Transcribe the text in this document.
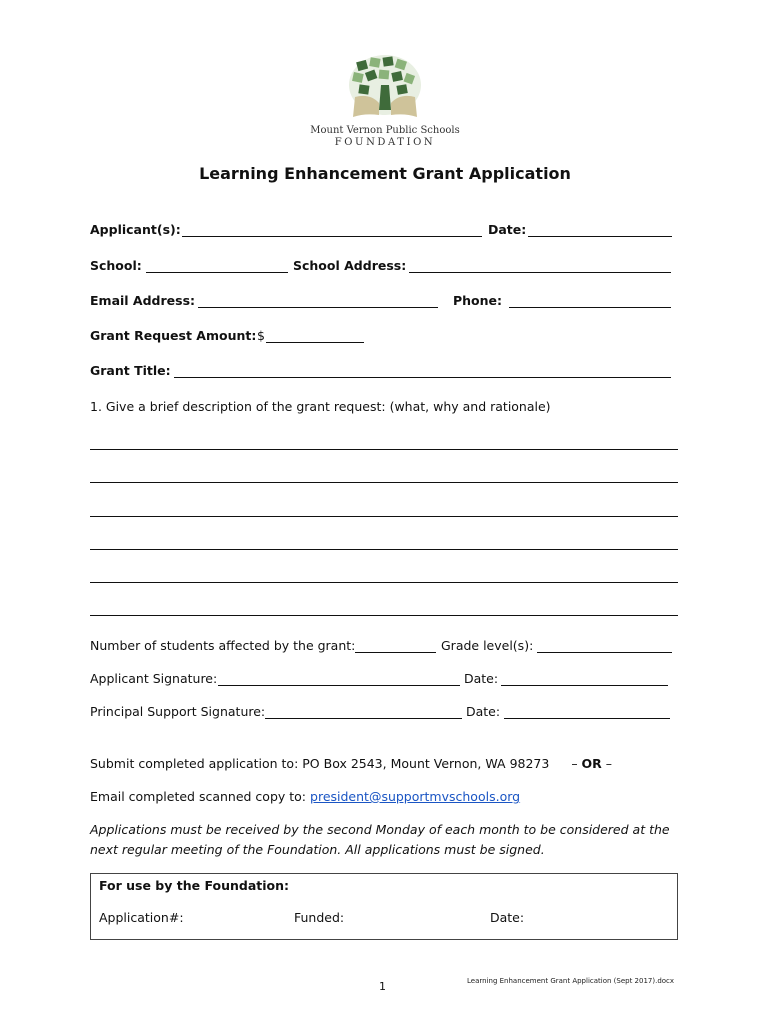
Mount Vernon Public Schools
FOUNDATION
Learning Enhancement Grant Application
Applicant(s):	Date:
School:	School Address:
Email Address:	Phone:
Grant Request Amount: $
Grant Title:
1. Give a brief description of the grant request: (what, why and rationale)
Number of students affected by the grant:	Grade level(s):
Applicant Signature:	Date:
Principal Support Signature:	Date:
Submit completed application to: PO Box 2543, Mount Vernon, WA 98273 – OR –
Email completed scanned copy to: president@supportmvschools.org
Applications must be received by the second Monday of each month to be considered at the
next regular meeting of the Foundation. All applications must be signed.
For use by the Foundation:
Application#:	Funded:	Date:
1	Learning Enhancement Grant Application (Sept 2017).docx
